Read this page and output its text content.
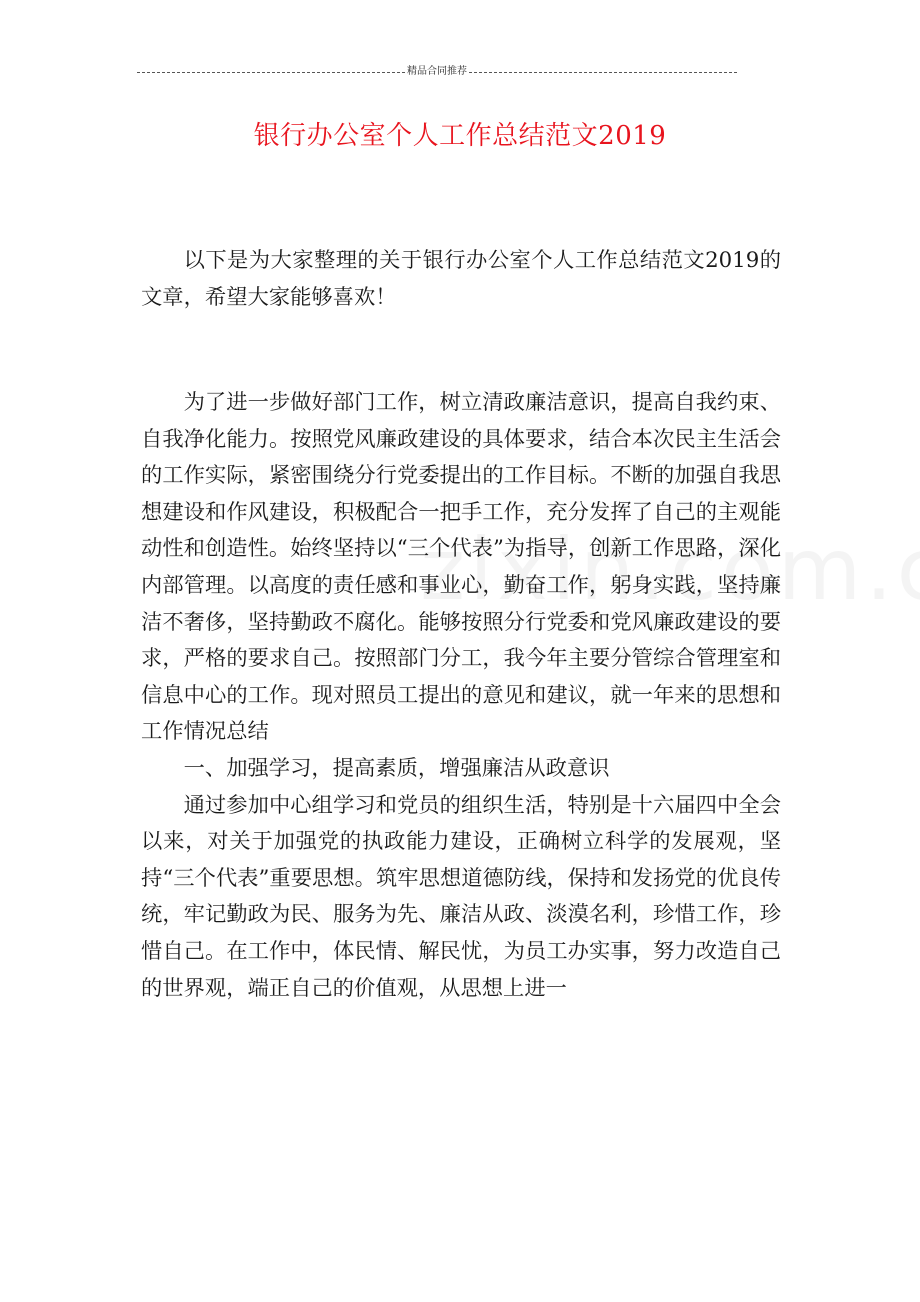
精品合同推荐
银行办公室个人工作总结范文2019

以下是为大家整理的关于银行办公室个人工作总结范文2019的文章，希望大家能够喜欢！

为了进一步做好部门工作，树立清政廉洁意识，提高自我约束、自我净化能力。按照党风廉政建设的具体要求，结合本次民主生活会的工作实际，紧密围绕分行党委提出的工作目标。不断的加强自我思想建设和作风建设，积极配合一把手工作，充分发挥了自己的主观能动性和创造性。始终坚持以“三个代表”为指导，创新工作思路，深化内部管理。以高度的责任感和事业心，勤奋工作，躬身实践，坚持廉洁不奢侈，坚持勤政不腐化。能够按照分行党委和党风廉政建设的要求，严格的要求自己。按照部门分工，我今年主要分管综合管理室和信息中心的工作。现对照员工提出的意见和建议，就一年来的思想和工作情况总结

一、加强学习，提高素质，增强廉洁从政意识

通过参加中心组学习和党员的组织生活，特别是十六届四中全会以来，对关于加强党的执政能力建设，正确树立科学的发展观，坚持“三个代表”重要思想。筑牢思想道德防线，保持和发扬党的优良传统，牢记勤政为民、服务为先、廉洁从政、淡漠名利，珍惜工作，珍惜自己。在工作中，体民情、解民忧，为员工办实事，努力改造自己的世界观，端正自己的价值观，从思想上进一
